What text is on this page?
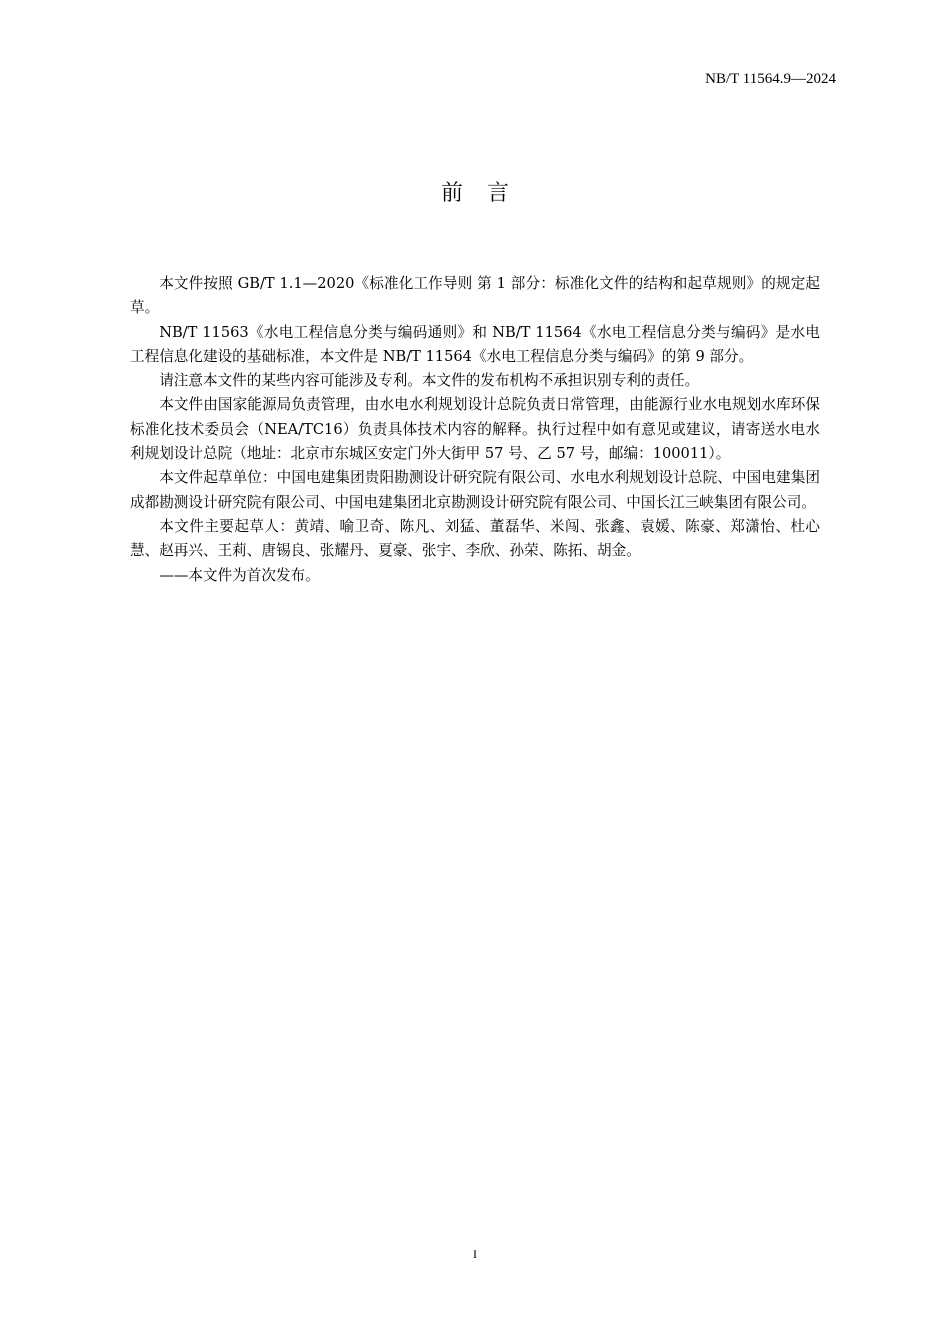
NB/T 11564.9—2024
前言

本文件按照 GB/T 1.1—2020《标准化工作导则 第 1 部分：标准化文件的结构和起草规则》的规定起草。

NB/T 11563《水电工程信息分类与编码通则》和 NB/T 11564《水电工程信息分类与编码》是水电工程信息化建设的基础标准，本文件是 NB/T 11564《水电工程信息分类与编码》的第 9 部分。

请注意本文件的某些内容可能涉及专利。本文件的发布机构不承担识别专利的责任。

本文件由国家能源局负责管理，由水电水利规划设计总院负责日常管理，由能源行业水电规划水库环保标准化技术委员会（NEA/TC16）负责具体技术内容的解释。执行过程中如有意见或建议，请寄送水电水利规划设计总院（地址：北京市东城区安定门外大街甲 57 号、乙 57 号，邮编：100011）。

本文件起草单位：中国电建集团贵阳勘测设计研究院有限公司、水电水利规划设计总院、中国电建集团成都勘测设计研究院有限公司、中国电建集团北京勘测设计研究院有限公司、中国长江三峡集团有限公司。

本文件主要起草人：黄靖、喻卫奇、陈凡、刘猛、董磊华、米闯、张鑫、袁媛、陈豪、郑潇怡、杜心慧、赵再兴、王莉、唐锡良、张耀丹、夏豪、张宇、李欣、孙荣、陈拓、胡金。

——本文件为首次发布。

I
